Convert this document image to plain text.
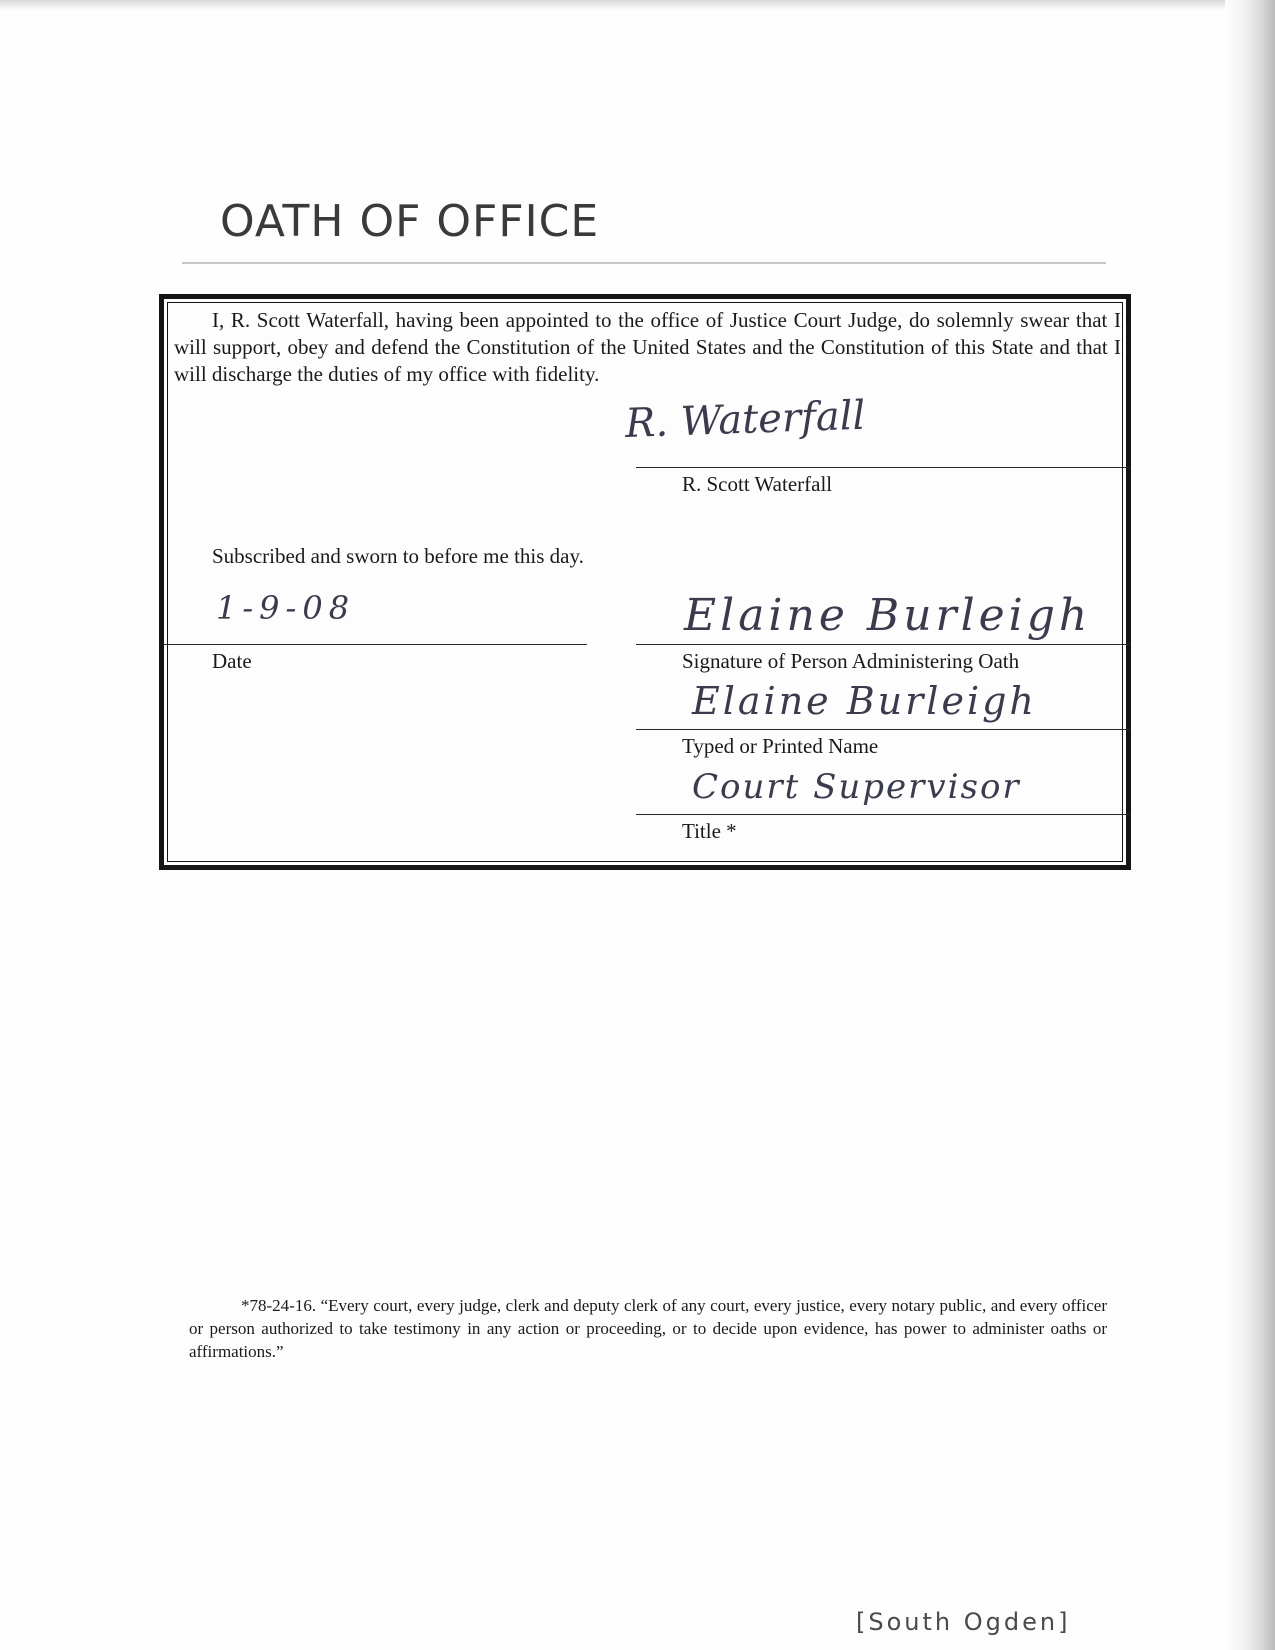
OATH OF OFFICE

I, R. Scott Waterfall, having been appointed to the office of Justice Court Judge, do solemnly swear that I will support, obey and defend the Constitution of the United States and the Constitution of this State and that I will discharge the duties of my office with fidelity.

R. Waterfall
R. Scott Waterfall
Subscribed and sworn to before me this day.
1-9-08
Date
Elaine Burleigh
Signature of Person Administering Oath
Elaine Burleigh
Typed or Printed Name
Court Supervisor
Title *

*78-24-16. “Every court, every judge, clerk and deputy clerk of any court, every justice, every notary public, and every officer or person authorized to take testimony in any action or proceeding, or to decide upon evidence, has power to administer oaths or affirmations.”

[South Ogden]
